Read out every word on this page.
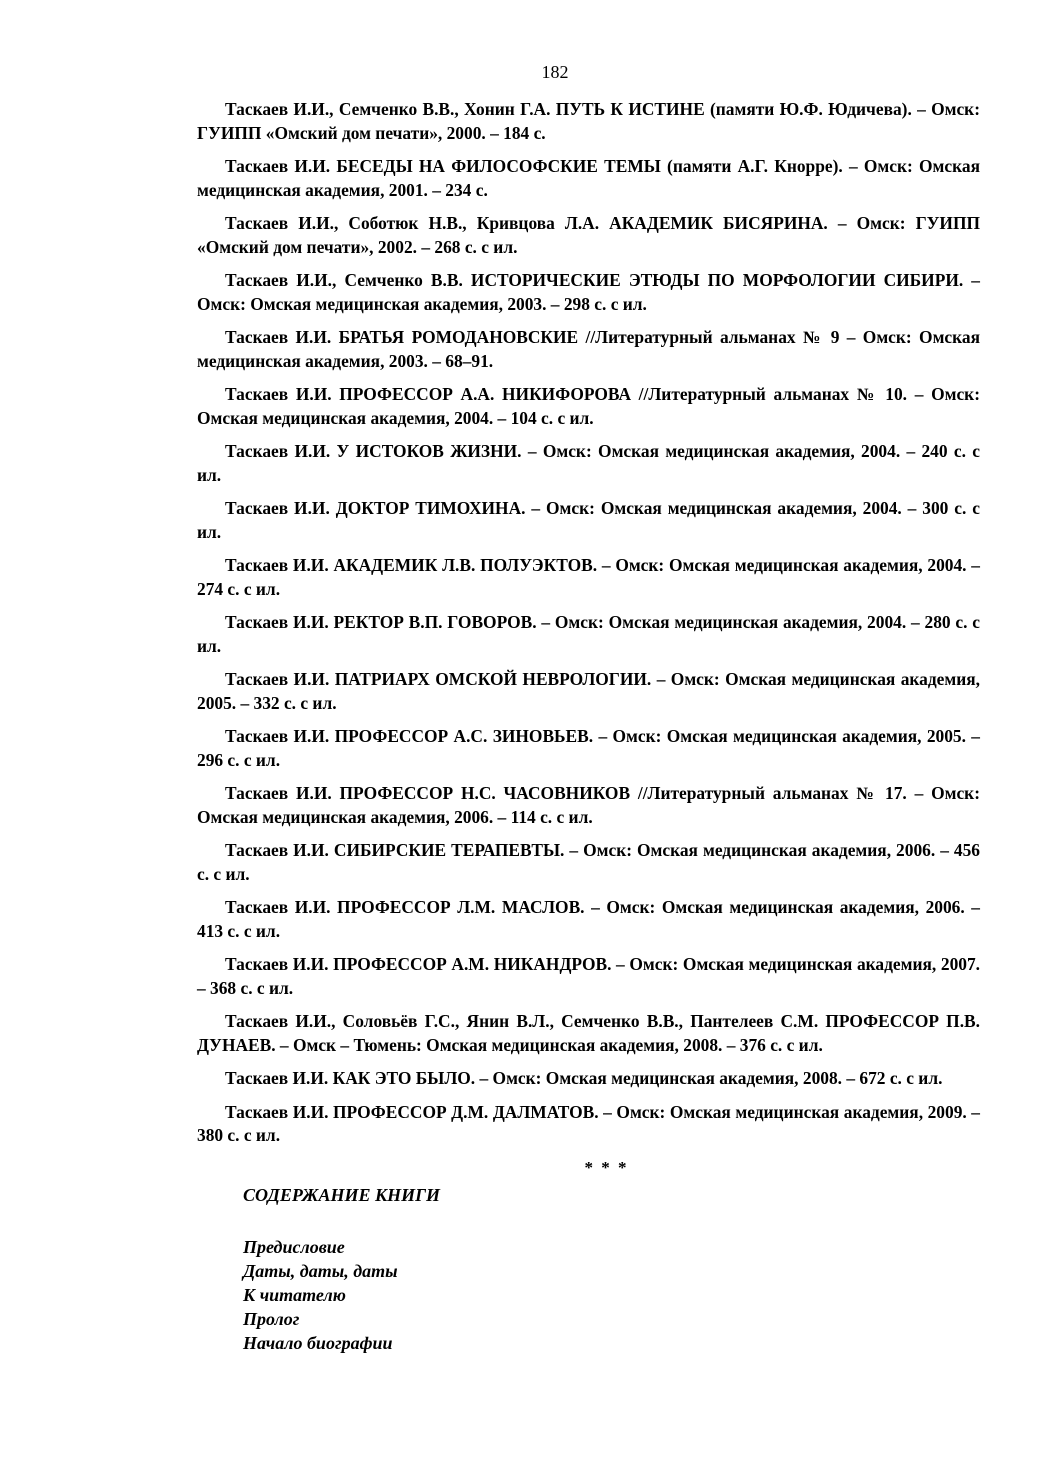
182

Таскаев И.И., Семченко В.В., Хонин Г.А. ПУТЬ К ИСТИНЕ (памяти Ю.Ф. Юдичева). – Омск: ГУИПП «Омский дом печати», 2000. – 184 с.

Таскаев И.И. БЕСЕДЫ НА ФИЛОСОФСКИЕ ТЕМЫ (памяти А.Г. Кнорре). – Омск: Омская медицинская академия, 2001. – 234 с.

Таскаев И.И., Соботюк Н.В., Кривцова Л.А. АКАДЕМИК БИСЯРИНА. – Омск: ГУИПП «Омский дом печати», 2002. – 268 с. с ил.

Таскаев И.И., Семченко В.В. ИСТОРИЧЕСКИЕ ЭТЮДЫ ПО МОРФОЛОГИИ СИБИРИ. – Омск: Омская медицинская академия, 2003. – 298 с. с ил.

Таскаев И.И. БРАТЬЯ РОМОДАНОВСКИЕ //Литературный альманах № 9 – Омск: Омская медицинская академия, 2003. – 68–91.

Таскаев И.И. ПРОФЕССОР А.А. НИКИФОРОВА //Литературный альманах № 10. – Омск: Омская медицинская академия, 2004. – 104 с. с ил.

Таскаев И.И. У ИСТОКОВ ЖИЗНИ. – Омск: Омская медицинская академия, 2004. – 240 с. с ил.

Таскаев И.И. ДОКТОР ТИМОХИНА. – Омск: Омская медицинская академия, 2004. – 300 с. с ил.

Таскаев И.И. АКАДЕМИК Л.В. ПОЛУЭКТОВ. – Омск: Омская медицинская академия, 2004. – 274 с. с ил.

Таскаев И.И. РЕКТОР В.П. ГОВОРОВ. – Омск: Омская медицинская академия, 2004. – 280 с. с ил.

Таскаев И.И. ПАТРИАРХ ОМСКОЙ НЕВРОЛОГИИ. – Омск: Омская медицинская академия, 2005. – 332 с. с ил.

Таскаев И.И. ПРОФЕССОР А.С. ЗИНОВЬЕВ. – Омск: Омская медицинская академия, 2005. – 296 с. с ил.

Таскаев И.И. ПРОФЕССОР Н.С. ЧАСОВНИКОВ //Литературный альманах № 17. – Омск: Омская медицинская академия, 2006. – 114 с. с ил.

Таскаев И.И. СИБИРСКИЕ ТЕРАПЕВТЫ. – Омск: Омская медицинская академия, 2006. – 456 с. с ил.

Таскаев И.И. ПРОФЕССОР Л.М. МАСЛОВ. – Омск: Омская медицинская академия, 2006. – 413 с. с ил.

Таскаев И.И. ПРОФЕССОР А.М. НИКАНДРОВ. – Омск: Омская медицинская академия, 2007. – 368 с. с ил.

Таскаев И.И., Соловьёв Г.С., Янин В.Л., Семченко В.В., Пантелеев С.М. ПРОФЕССОР П.В. ДУНАЕВ. – Омск – Тюмень: Омская медицинская академия, 2008. – 376 с. с ил.

Таскаев И.И. КАК ЭТО БЫЛО. – Омск: Омская медицинская академия, 2008. – 672 с. с ил.

Таскаев И.И. ПРОФЕССОР Д.М. ДАЛМАТОВ. – Омск: Омская медицинская академия, 2009. – 380 с. с ил.

* * *
СОДЕРЖАНИЕ КНИГИ
Предисловие
Даты, даты, даты
К читателю
Пролог
Начало биографии
